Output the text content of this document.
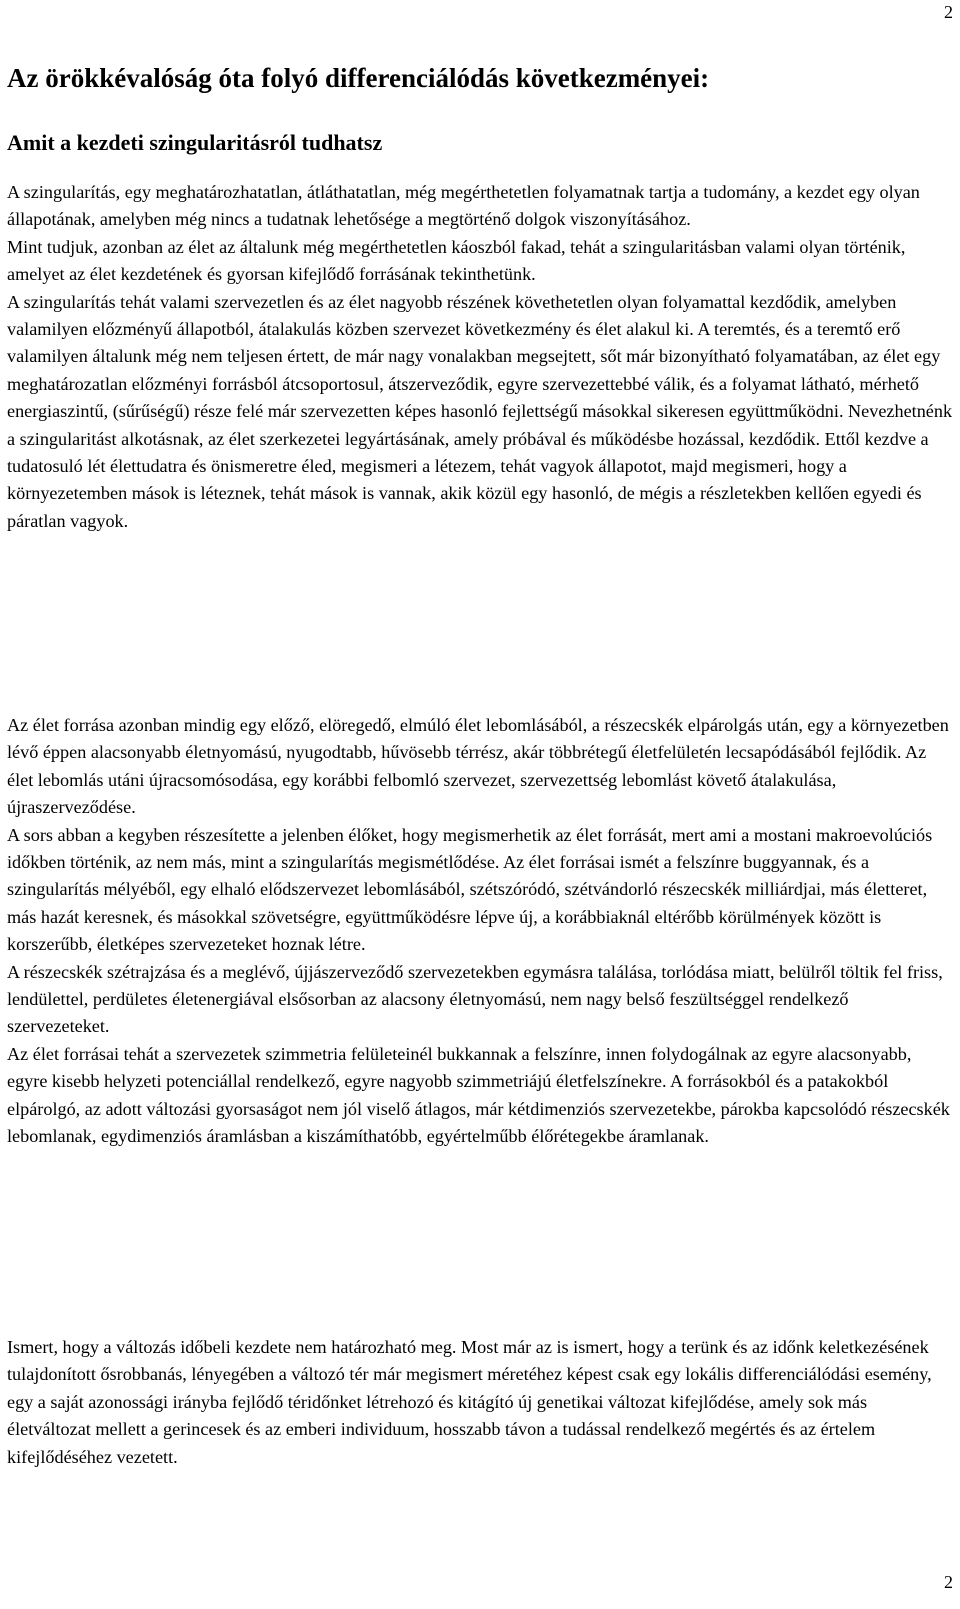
2
Az örökkévalóság óta folyó differenciálódás következményei:
Amit a kezdeti szingularitásról tudhatsz

A szingularítás, egy meghatározhatatlan, átláthatatlan, még megérthetetlen folyamatnak tartja a tudomány, a kezdet egy olyan állapotának, amelyben még nincs a tudatnak lehetősége a megtörténő dolgok viszonyításához.

Mint tudjuk, azonban az élet az általunk még megérthetetlen káoszból fakad, tehát a szingularitásban valami olyan történik, amelyet az élet kezdetének és gyorsan kifejlődő forrásának tekinthetünk.

A szingularítás tehát valami szervezetlen és az élet nagyobb részének követhetetlen olyan folyamattal kezdődik, amelyben valamilyen előzményű állapotból, átalakulás közben szervezet következmény és élet alakul ki. A teremtés, és a teremtő erő valamilyen általunk még nem teljesen értett, de már nagy vonalakban megsejtett, sőt már bizonyítható folyamatában, az élet egy meghatározatlan előzményi forrásból átcsoportosul, átszerveződik, egyre szervezettebbé válik, és a folyamat látható, mérhető energiaszintű, (sűrűségű) része felé már szervezetten képes hasonló fejlettségű másokkal sikeresen együttműködni. Nevezhetnénk a szingularitást alkotásnak, az élet szerkezetei legyártásának, amely próbával és működésbe hozással, kezdődik. Ettől kezdve a tudatosuló lét élettudatra és önismeretre éled, megismeri a létezem, tehát vagyok állapotot, majd megismeri, hogy a környezetemben mások is léteznek, tehát mások is vannak, akik közül egy hasonló, de mégis a részletekben kellően egyedi és páratlan vagyok.

Az élet forrása azonban mindig egy előző, elöregedő, elmúló élet lebomlásából, a részecskék elpárolgás után, egy a környezetben lévő éppen alacsonyabb életnyomású, nyugodtabb, hűvösebb térrész, akár többrétegű életfelületén lecsapódásából fejlődik. Az élet lebomlás utáni újracsomósodása, egy korábbi felbomló szervezet, szervezettség lebomlást követő átalakulása, újraszerveződése.

A sors abban a kegyben részesítette a jelenben élőket, hogy megismerhetik az élet forrását, mert ami a mostani makroevolúciós időkben történik, az nem más, mint a szingularítás megismétlődése. Az élet forrásai ismét a felszínre buggyannak, és a szingularítás mélyéből, egy elhaló elődszervezet lebomlásából, szétszóródó, szétvándorló részecskék milliárdjai, más életteret, más hazát keresnek, és másokkal szövetségre, együttműködésre lépve új, a korábbiaknál eltérőbb körülmények között is korszerűbb, életképes szervezeteket hoznak létre.

A részecskék szétrajzása és a meglévő, újjászerveződő szervezetekben egymásra találása, torlódása miatt, belülről töltik fel friss, lendülettel, perdületes életenergiával elsősorban az alacsony életnyomású, nem nagy belső feszültséggel rendelkező szervezeteket.

Az élet forrásai tehát a szervezetek szimmetria felületeinél bukkannak a felszínre, innen folydogálnak az egyre alacsonyabb, egyre kisebb helyzeti potenciállal rendelkező, egyre nagyobb szimmetriájú életfelszínekre. A forrásokból és a patakokból elpárolgó, az adott változási gyorsaságot nem jól viselő átlagos, már kétdimenziós szervezetekbe, párokba kapcsolódó részecskék lebomlanak, egydimenziós áramlásban a kiszámíthatóbb, egyértelműbb élőrétegekbe áramlanak.

Ismert, hogy a változás időbeli kezdete nem határozható meg. Most már az is ismert, hogy a terünk és az időnk keletkezésének tulajdonított ősrobbanás, lényegében a változó tér már megismert méretéhez képest csak egy lokális differenciálódási esemény, egy a saját azonossági irányba fejlődő téridőnket létrehozó és kitágító új genetikai változat kifejlődése, amely sok más életváltozat mellett a gerincesek és az emberi individuum, hosszabb távon a tudással rendelkező megértés és az értelem kifejlődéséhez vezetett.

2
